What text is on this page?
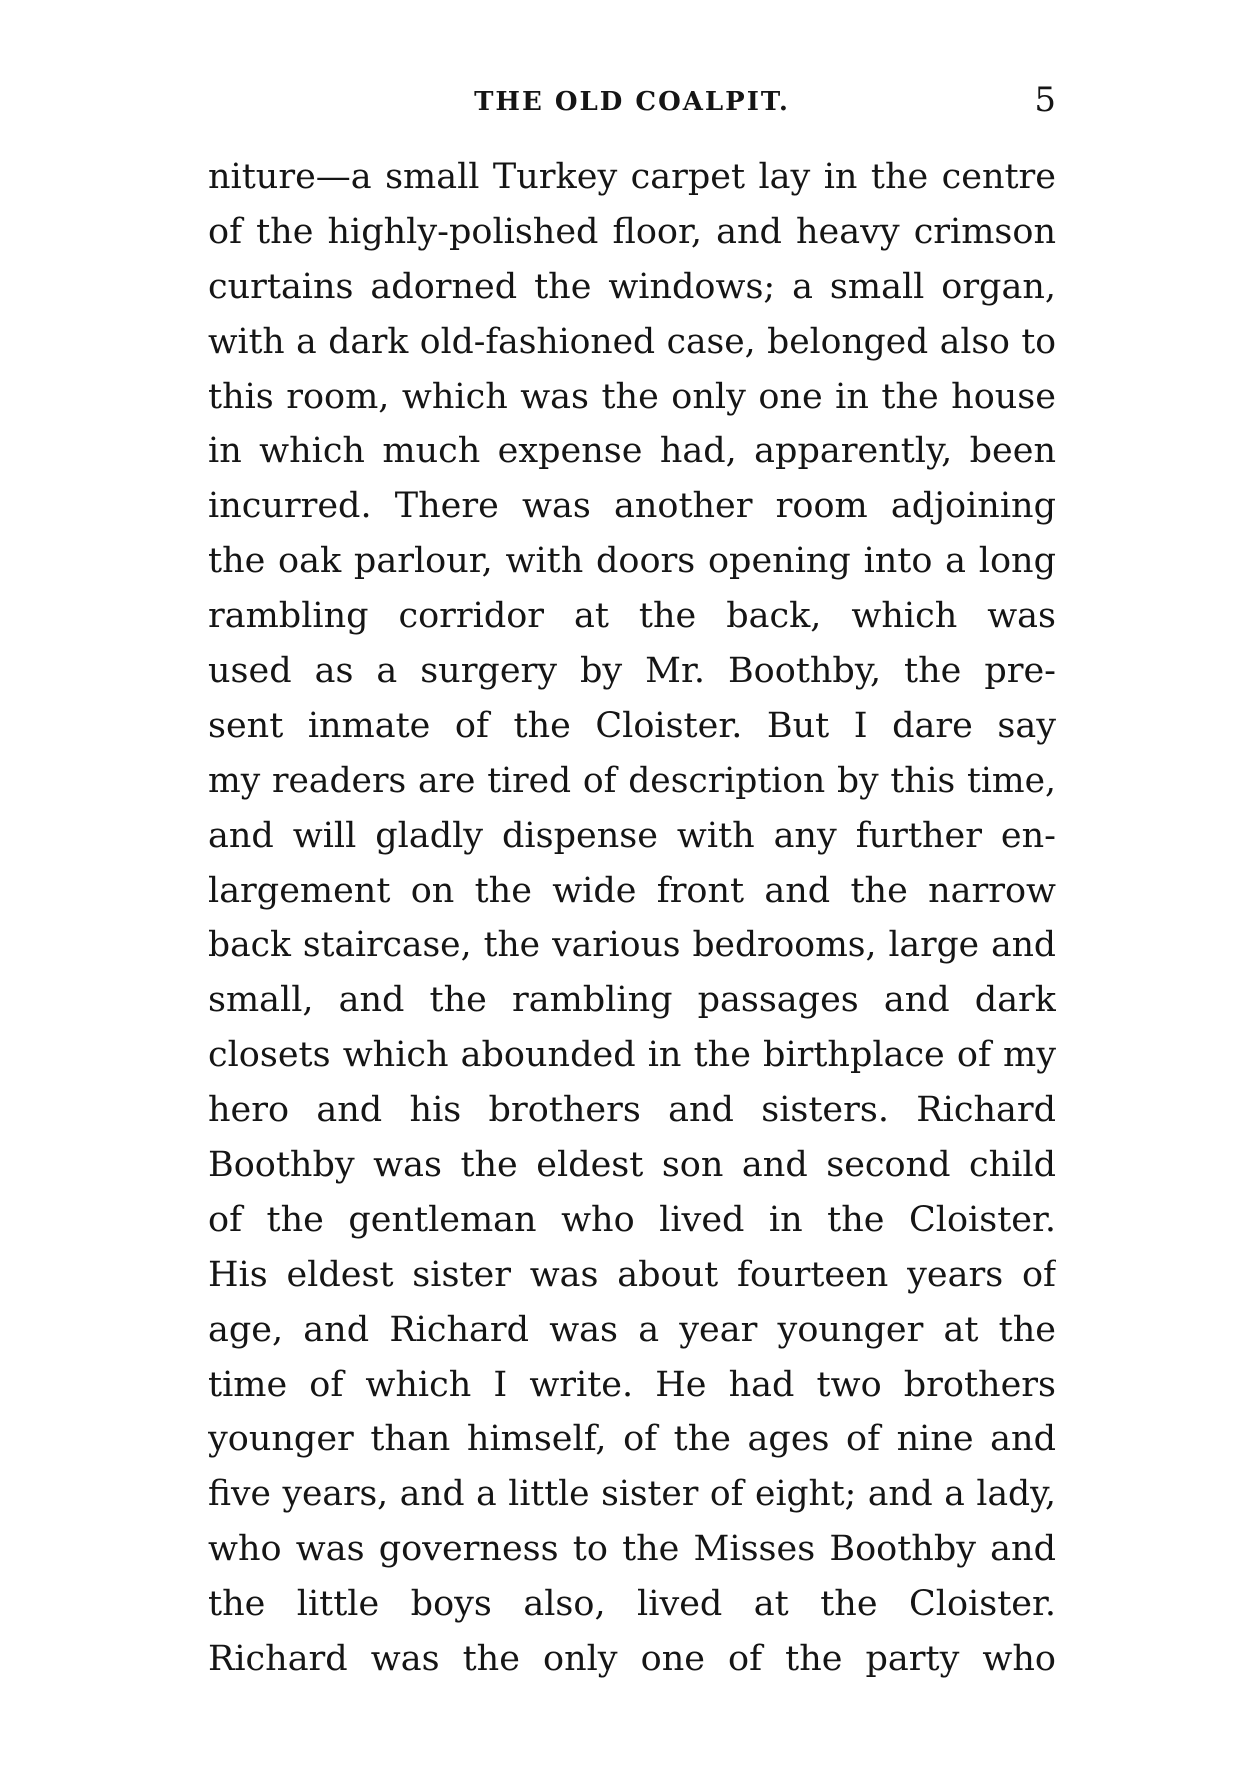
THE OLD COALPIT.	5
niture—a small Turkey carpet lay in the centre
of the highly-polished floor, and heavy crimson
curtains adorned the windows; a small organ,
with a dark old-fashioned case, belonged also to
this room, which was the only one in the house
in which much expense had, apparently, been
incurred. There was another room adjoining
the oak parlour, with doors opening into a long
rambling corridor at the back, which was
used as a surgery by Mr. Boothby, the pre-
sent inmate of the Cloister. But I dare say
my readers are tired of description by this time,
and will gladly dispense with any further en-
largement on the wide front and the narrow
back staircase, the various bedrooms, large and
small, and the rambling passages and dark
closets which abounded in the birthplace of my
hero and his brothers and sisters. Richard
Boothby was the eldest son and second child
of the gentleman who lived in the Cloister.
His eldest sister was about fourteen years of
age, and Richard was a year younger at the
time of which I write. He had two brothers
younger than himself, of the ages of nine and
five years, and a little sister of eight; and a lady,
who was governess to the Misses Boothby and
the little boys also, lived at the Cloister.
Richard was the only one of the party who
